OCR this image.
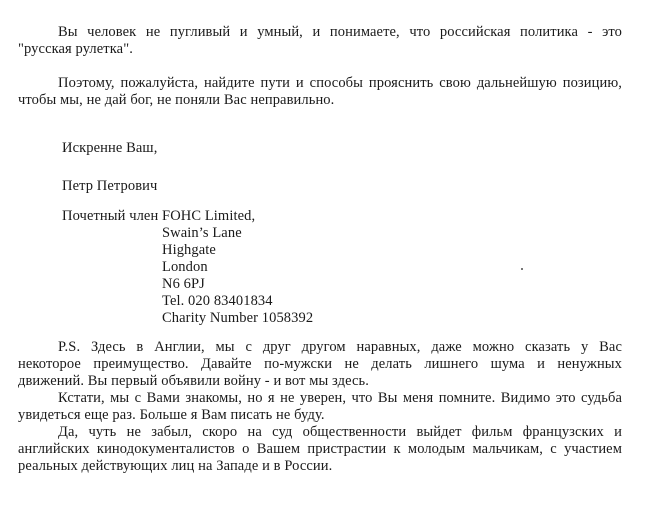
Вы человек не пугливый и умный, и понимаете, что российская политика - это
"русская рулетка".
Поэтому, пожалуйста, найдите пути и способы прояснить свою дальнейшую позицию,
чтобы мы, не дай бог, не поняли Вас неправильно.
Искренне Ваш,
Петр Петрович
Почетный член FOHC Limited,
Swain’s Lane
Highgate
London
N6 6PJ
Tel. 020 83401834
Charity Number 1058392
P.S. Здесь в Англии, мы с друг другом наравных, даже можно сказать у Вас
некоторое преимущество. Давайте по-мужски не делать лишнего шума и ненужных
движений. Вы первый объявили войну - и вот мы здесь.
Кстати, мы с Вами знакомы, но я не уверен, что Вы меня помните. Видимо это судьба
увидеться еще раз. Больше я Вам писать не буду.
Да, чуть не забыл, скоро на суд общественности выйдет фильм французских и
английских кинодокументалистов о Вашем пристрастии к молодым мальчикам, с участием
реальных действующих лиц на Западе и в России.
